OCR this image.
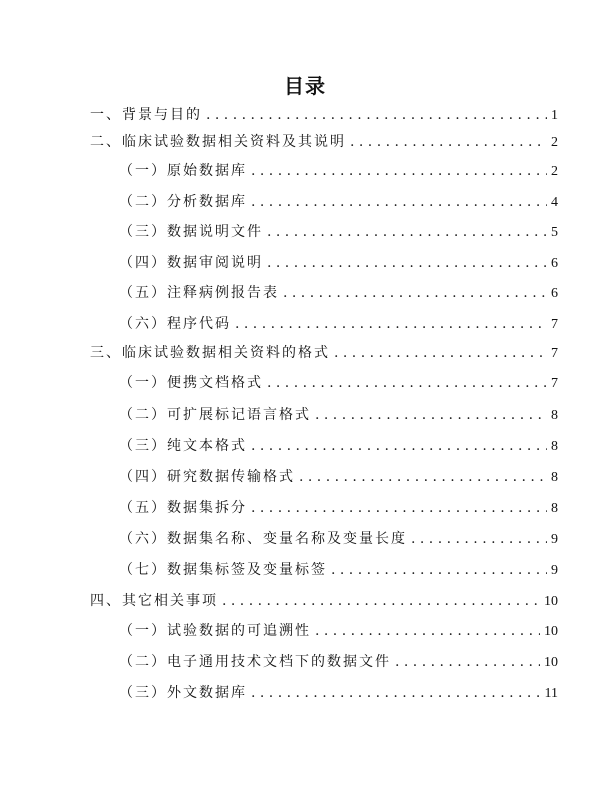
目录
一、背景与目的 . . .	1
二、临床试验数据相关资料及其说明 . . .	2
（一）原始数据库 . . .	2
（二）分析数据库 . . .	4
（三）数据说明文件 . . .	5
（四）数据审阅说明 . . .	6
（五）注释病例报告表 . . .	6
（六）程序代码 . . .	7
三、临床试验数据相关资料的格式 . . .	7
（一）便携文档格式 . . .	7
（二）可扩展标记语言格式 . . .	8
（三）纯文本格式 . . .	8
（四）研究数据传输格式 . . .	8
（五）数据集拆分 . . .	8
（六）数据集名称、变量名称及变量长度 . . .	9
（七）数据集标签及变量标签 . . .	9
四、其它相关事项 . . .	10
（一）试验数据的可追溯性 . . .	10
（二）电子通用技术文档下的数据文件 . . .	10
（三）外文数据库 . . .	11
